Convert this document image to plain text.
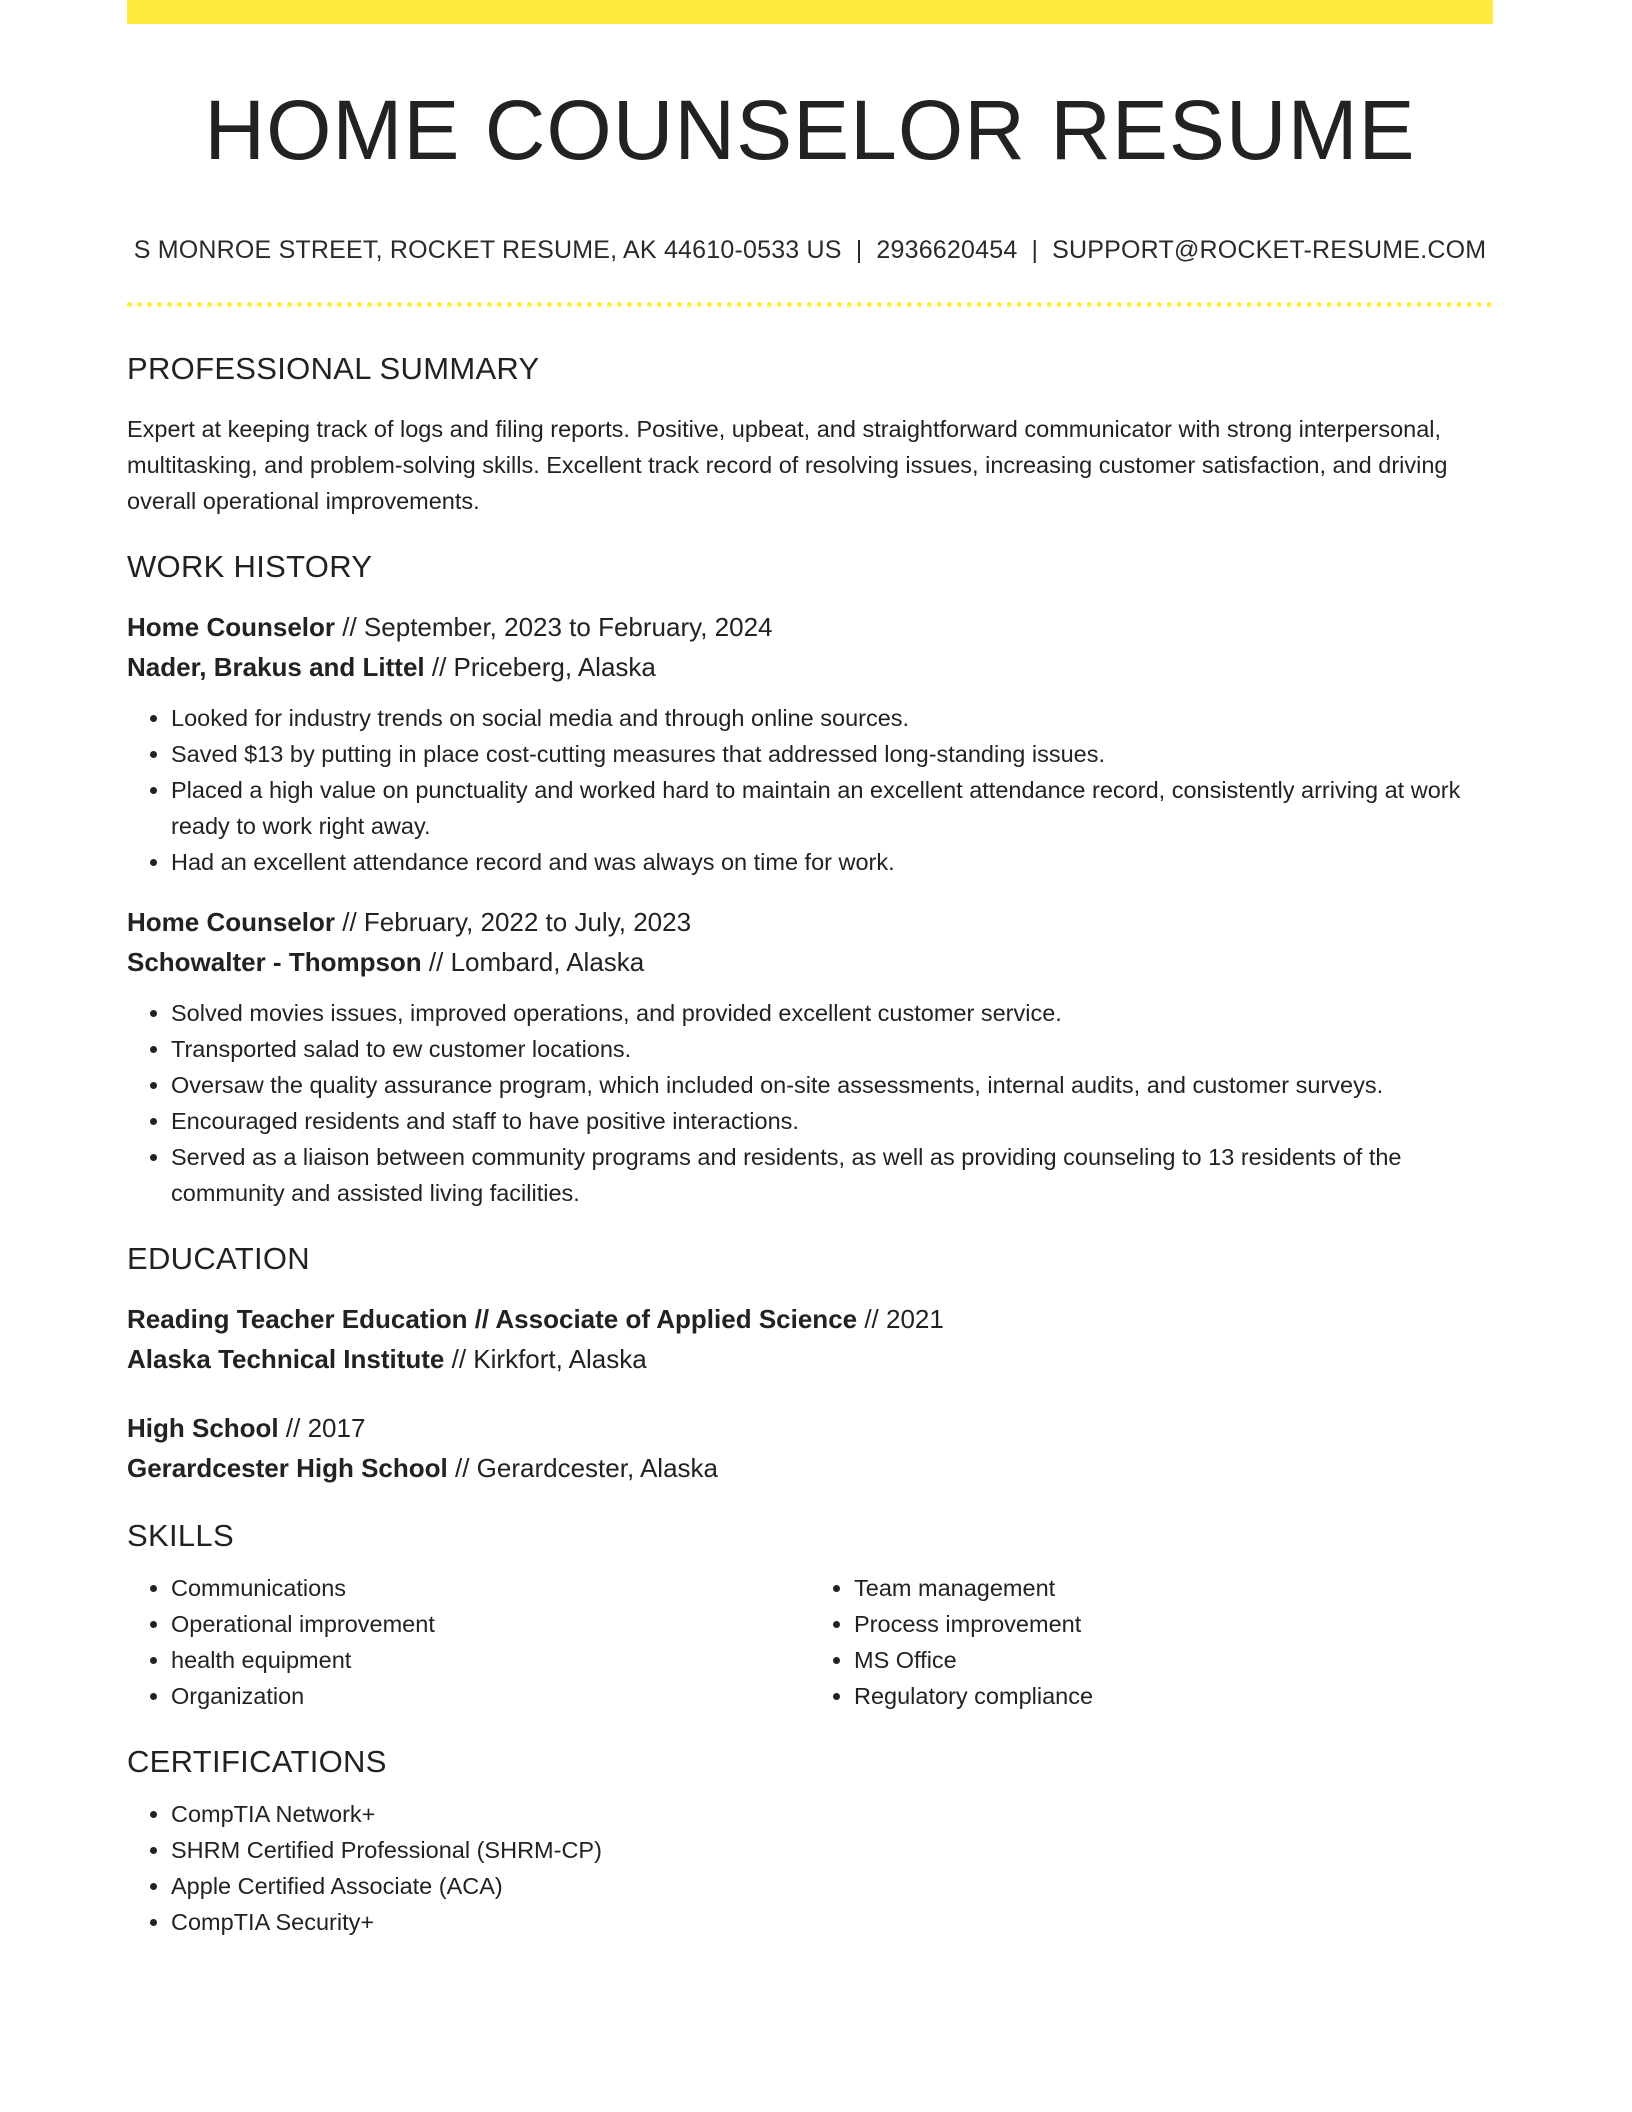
HOME COUNSELOR RESUME
S MONROE STREET, ROCKET RESUME, AK 44610-0533 US | 2936620454 | SUPPORT@ROCKET-RESUME.COM
PROFESSIONAL SUMMARY

Expert at keeping track of logs and filing reports. Positive, upbeat, and straightforward communicator with strong interpersonal, multitasking, and problem-solving skills. Excellent track record of resolving issues, increasing customer satisfaction, and driving overall operational improvements.

WORK HISTORY
Home Counselor // September, 2023 to February, 2024
Nader, Brakus and Littel // Priceberg, Alaska
• Looked for industry trends on social media and through online sources.
• Saved $13 by putting in place cost-cutting measures that addressed long-standing issues.
• Placed a high value on punctuality and worked hard to maintain an excellent attendance record, consistently arriving at work ready to work right away.
• Had an excellent attendance record and was always on time for work.
Home Counselor // February, 2022 to July, 2023
Schowalter - Thompson // Lombard, Alaska
• Solved movies issues, improved operations, and provided excellent customer service.
• Transported salad to ew customer locations.
• Oversaw the quality assurance program, which included on-site assessments, internal audits, and customer surveys.
• Encouraged residents and staff to have positive interactions.
• Served as a liaison between community programs and residents, as well as providing counseling to 13 residents of the community and assisted living facilities.
EDUCATION
Reading Teacher Education // Associate of Applied Science // 2021
Alaska Technical Institute // Kirkfort, Alaska
High School // 2017
Gerardcester High School // Gerardcester, Alaska
SKILLS
• Communications
• Operational improvement
• health equipment
• Organization
• Team management
• Process improvement
• MS Office
• Regulatory compliance
CERTIFICATIONS
• CompTIA Network+
• SHRM Certified Professional (SHRM-CP)
• Apple Certified Associate (ACA)
• CompTIA Security+
